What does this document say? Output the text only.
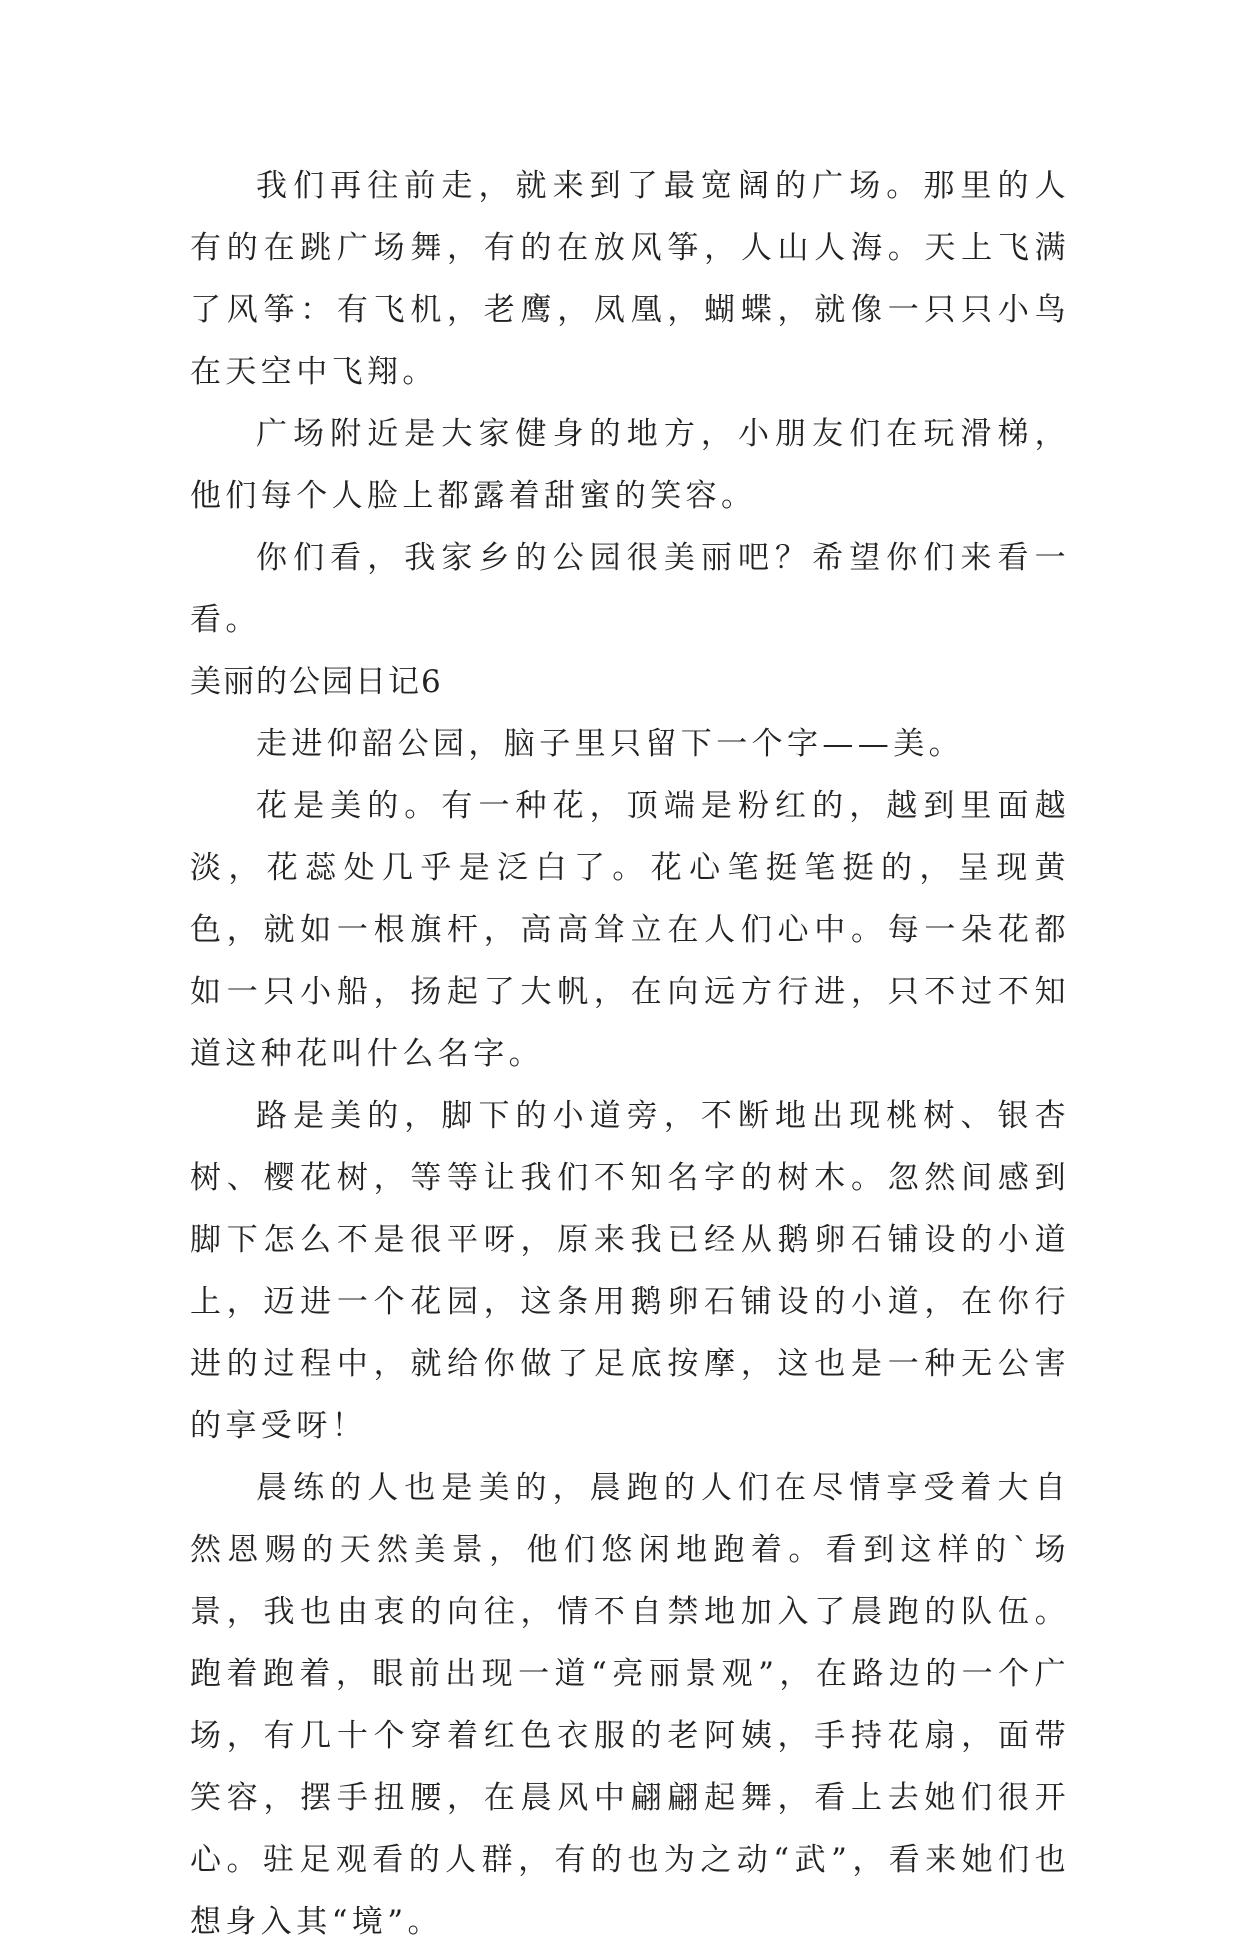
我们再往前走，就来到了最宽阔的广场。那里的人有的在跳广场舞，有的在放风筝，人山人海。天上飞满了风筝：有飞机，老鹰，凤凰，蝴蝶，就像一只只小鸟在天空中飞翔。

广场附近是大家健身的地方，小朋友们在玩滑梯，他们每个人脸上都露着甜蜜的笑容。

你们看，我家乡的公园很美丽吧？希望你们来看一看。

美丽的公园日记6

走进仰韶公园，脑子里只留下一个字——美。

花是美的。有一种花，顶端是粉红的，越到里面越淡，花蕊处几乎是泛白了。花心笔挺笔挺的，呈现黄色，就如一根旗杆，高高耸立在人们心中。每一朵花都如一只小船，扬起了大帆，在向远方行进，只不过不知道这种花叫什么名字。

路是美的，脚下的小道旁，不断地出现桃树、银杏树、樱花树，等等让我们不知名字的树木。忽然间感到脚下怎么不是很平呀，原来我已经从鹅卵石铺设的小道上，迈进一个花园，这条用鹅卵石铺设的小道，在你行进的过程中，就给你做了足底按摩，这也是一种无公害的享受呀！

晨练的人也是美的，晨跑的人们在尽情享受着大自然恩赐的天然美景，他们悠闲地跑着。看到这样的`场景，我也由衷的向往，情不自禁地加入了晨跑的队伍。跑着跑着，眼前出现一道“亮丽景观”，在路边的一个广场，有几十个穿着红色衣服的老阿姨，手持花扇，面带笑容，摆手扭腰，在晨风中翩翩起舞，看上去她们很开心。驻足观看的人群，有的也为之动“武”，看来她们也想身入其“境”。
